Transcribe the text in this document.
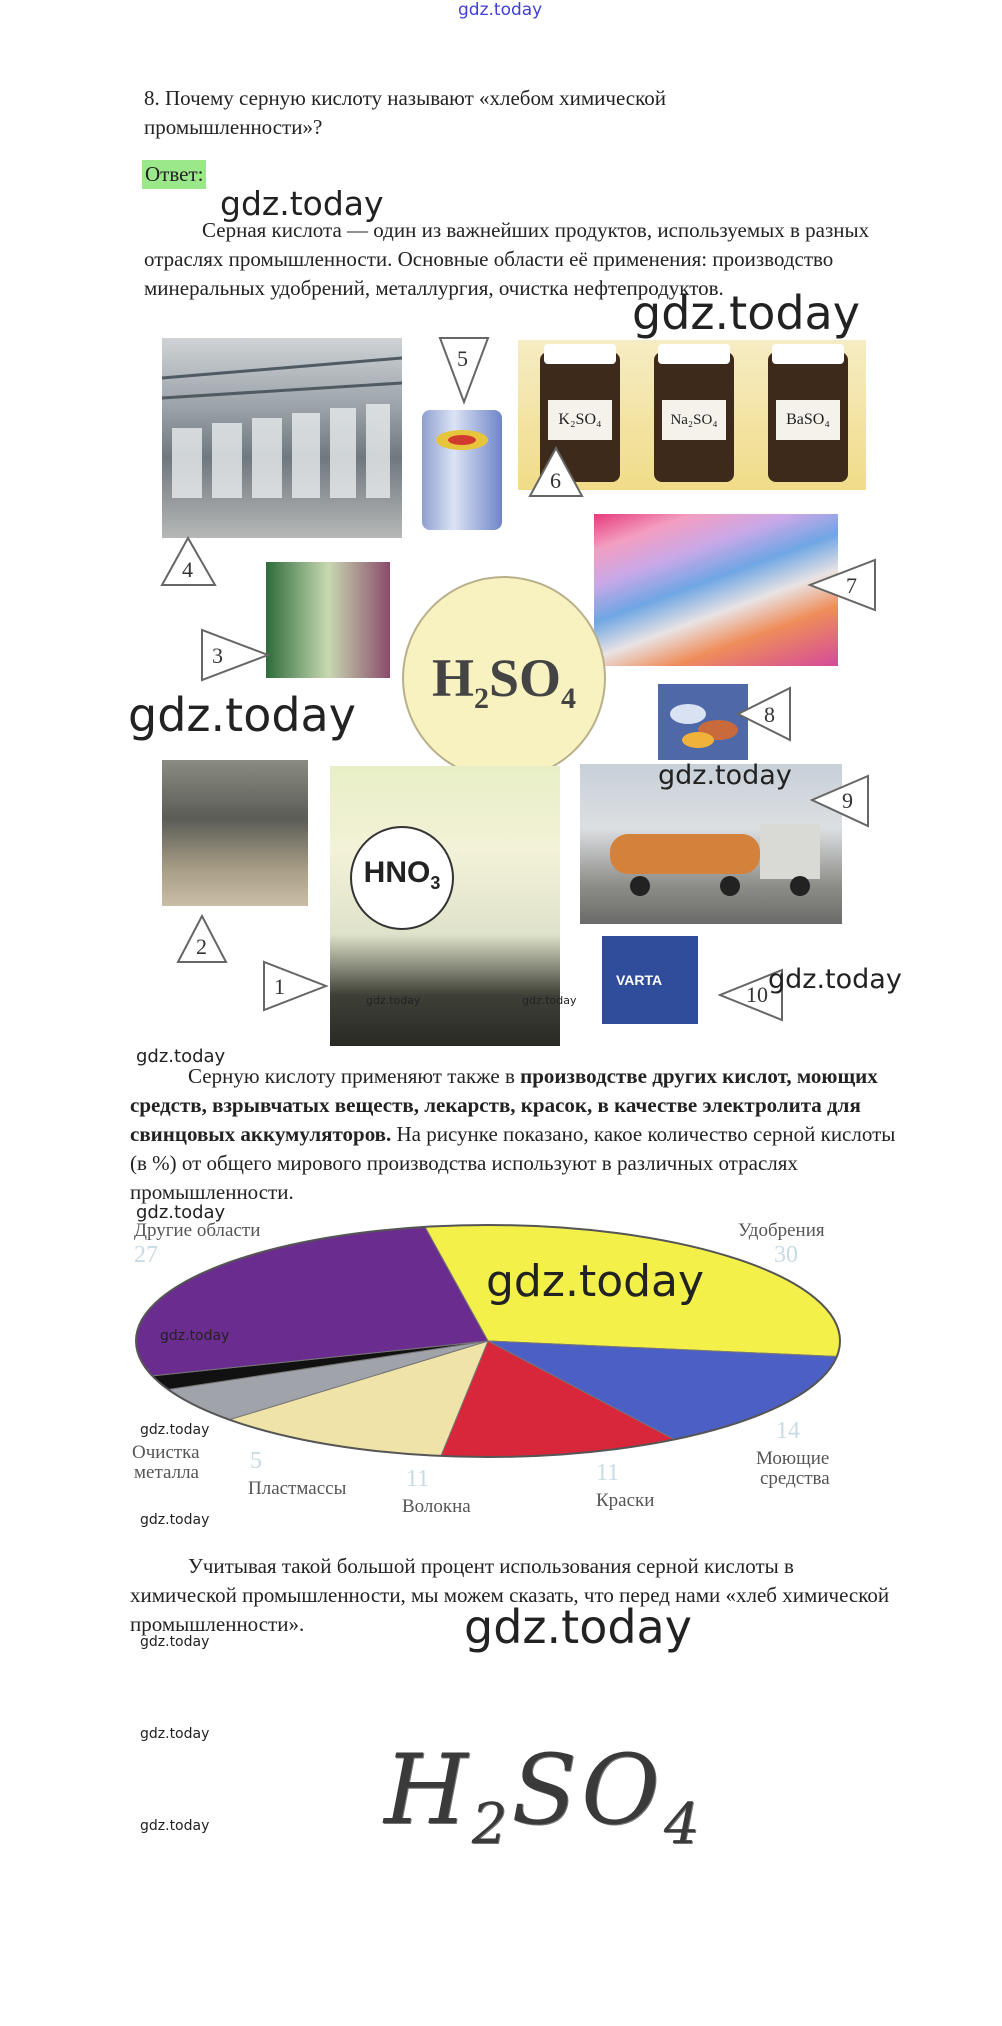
gdz.today
8. Почему серную кислоту называют «хлебом химической промышленности»?
Ответ:
gdz.today
Серная кислота — один из важнейших продуктов, используемых в разных отраслях промышленности. Основные области её применения: производство минеральных удобрений, металлургия, очистка нефтепродуктов.
gdz.today
K₂SO₄	Na₂SO₄	BaSO₄
$H_2SO_4$
$HNO_3$
VARTA
4
5
6
7
3
8
9
2
1	10
gdz.today
gdz.today
gdz.today
gdz.today	gdz.today
gdz.today
Серную кислоту применяют также в производстве других кислот, моющих средств, взрывчатых веществ, лекарств, красок, в качестве электролита для свинцовых аккумуляторов. На рисунке показано, какое количество серной кислоты (в %) от общего мирового производства используют в различных отраслях промышленности.
gdz.today
Другие области
27
Удобрения
30
14
Моющие
средства
Очистка
металла 5
Пластмассы 11
Волокна
11
Краски
gdz.today
gdz.today
gdz.today
gdz.today
Учитывая такой большой процент использования серной кислоты в химической промышленности, мы можем сказать, что перед нами «хлеб химической промышленности».	gdz.today
gdz.today
gdz.today
gdz.today $H_2SO_4$
